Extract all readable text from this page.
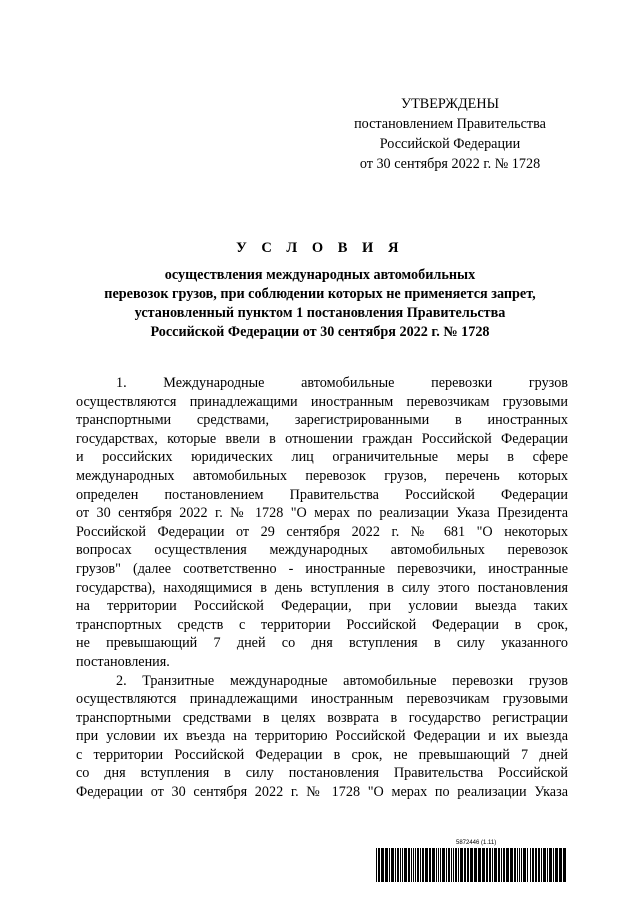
УТВЕРЖДЕНЫ
постановлением Правительства
Российской Федерации
от 30 сентября 2022 г. № 1728
У С Л О В И Я
осуществления международных автомобильных
перевозок грузов, при соблюдении которых не применяется запрет,
установленный пунктом 1 постановления Правительства
Российской Федерации от 30 сентября 2022 г. № 1728
1. Международные автомобильные перевозки грузов
осуществляются принадлежащими иностранным перевозчикам грузовыми
транспортными средствами, зарегистрированными в иностранных
государствах, которые ввели в отношении граждан Российской Федерации
и российских юридических лиц ограничительные меры в сфере
международных автомобильных перевозок грузов, перечень которых
определен постановлением Правительства Российской Федерации
от 30 сентября 2022 г. № 1728 "О мерах по реализации Указа Президента
Российской Федерации от 29 сентября 2022 г. № 681 "О некоторых
вопросах осуществления международных автомобильных перевозок
грузов" (далее соответственно - иностранные перевозчики, иностранные
государства), находящимися в день вступления в силу этого постановления
на территории Российской Федерации, при условии выезда таких
транспортных средств с территории Российской Федерации в срок,
не превышающий 7 дней со дня вступления в силу указанного
постановления.
2. Транзитные международные автомобильные перевозки грузов
осуществляются принадлежащими иностранным перевозчикам грузовыми
транспортными средствами в целях возврата в государство регистрации
при условии их въезда на территорию Российской Федерации и их выезда
с территории Российской Федерации в срок, не превышающий 7 дней
со дня вступления в силу постановления Правительства Российской
Федерации от 30 сентября 2022 г. № 1728 "О мерах по реализации Указа
5872446 (1.11)
